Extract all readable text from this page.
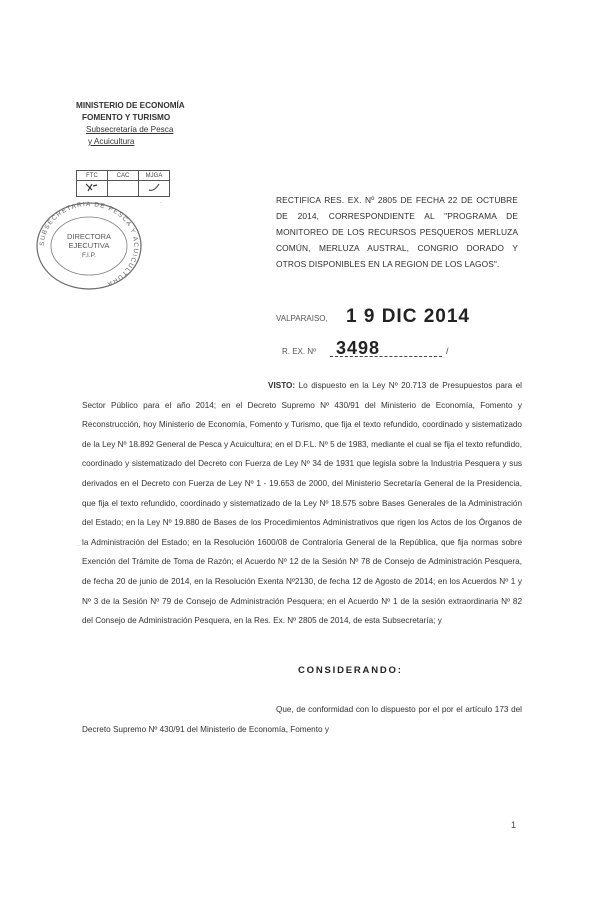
MINISTERIO DE ECONOMÍA
FOMENTO Y TURISMO
Subsecretaría de Pesca
y Acuicultura
FTC	CAC	MJGA

SUBSECRETARIA DE PESCA Y ACUICULTURA
DIRECTORA
EJECUTIVA
F.I.P.
RECTIFICA RES. EX. Nº 2805 DE FECHA 22 DE OCTUBRE DE 2014, CORRESPONDIENTE AL "PROGRAMA DE MONITOREO DE LOS RECURSOS PESQUEROS MERLUZA COMÚN, MERLUZA AUSTRAL, CONGRIO DORADO Y OTROS DISPONIBLES EN LA REGION DE LOS LAGOS".
VALPARAISO, 1 9 DIC 2014
R. EX. Nº 3498	/
VISTO: Lo dispuesto en la Ley Nº 20.713 de Presupuestos para el Sector Público para el año 2014; en el Decreto Supremo Nº 430/91 del Ministerio de Economía, Fomento y Reconstrucción, hoy Ministerio de Economía, Fomento y Turismo, que fija el texto refundido, coordinado y sistematizado de la Ley Nº 18.892 General de Pesca y Acuicultura; en el D.F.L. Nº 5 de 1983, mediante el cual se fija el texto refundido, coordinado y sistematizado del Decreto con Fuerza de Ley Nº 34 de 1931 que legisla sobre la Industria Pesquera y sus derivados en el Decreto con Fuerza de Ley Nº 1 - 19.653 de 2000, del Ministerio Secretaría General de la Presidencia, que fija el texto refundido, coordinado y sistematizado de la Ley Nº 18.575 sobre Bases Generales de la Administración del Estado; en la Ley Nº 19.880 de Bases de los Procedimientos Administrativos que rigen los Actos de los Órganos de la Administración del Estado; en la Resolución 1600/08 de Contraloría General de la República, que fija normas sobre Exención del Trámite de Toma de Razón; el Acuerdo Nº 12 de la Sesión Nº 78 de Consejo de Administración Pesquera, de fecha 20 de junio de 2014, en la Resolución Exenta Nº2130, de fecha 12 de Agosto de 2014; en los Acuerdos Nº 1 y Nº 3 de la Sesión Nº 79 de Consejo de Administración Pesquera; en el Acuerdo Nº 1 de la sesión extraordinaria Nº 82 del Consejo de Administración Pesquera, en la Res. Ex. Nº 2805 de 2014, de esta Subsecretaría; y
CONSIDERANDO:
Que, de conformidad con lo dispuesto por el por el artículo 173 del Decreto Supremo Nº 430/91 del Ministerio de Economía, Fomento y
.
·
1
